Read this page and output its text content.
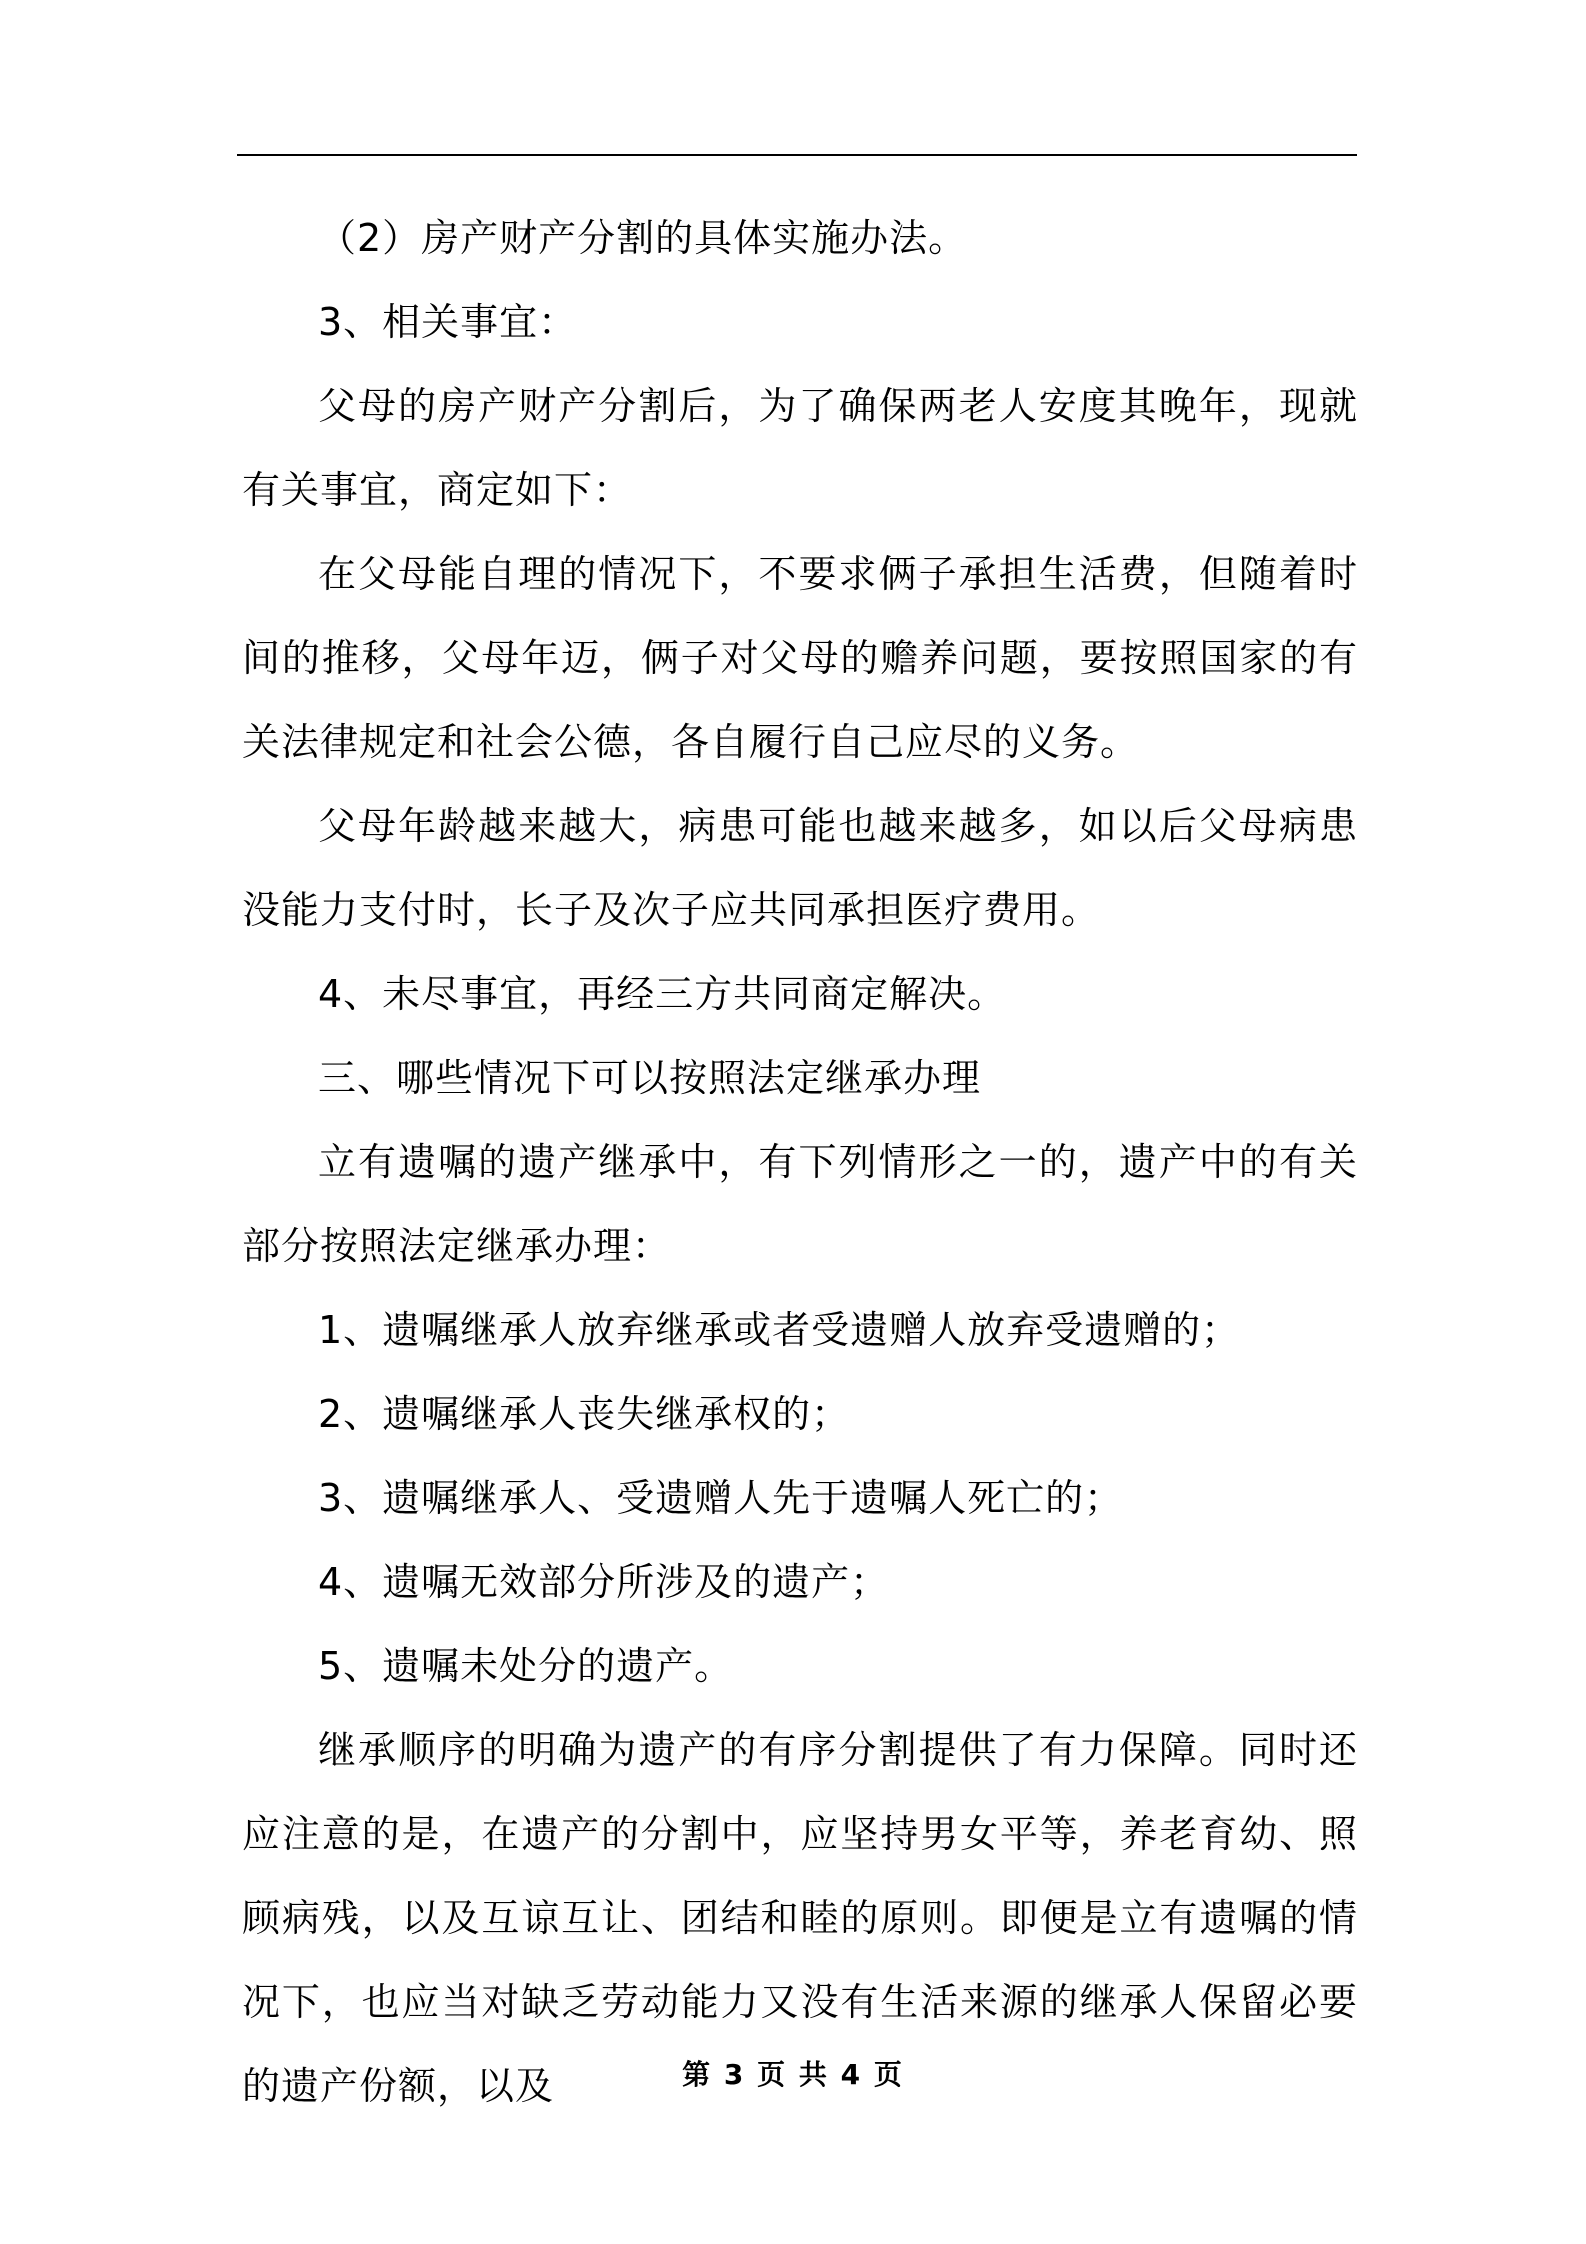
（2）房产财产分割的具体实施办法。

3、相关事宜：

父母的房产财产分割后，为了确保两老人安度其晚年，现就有关事宜，商定如下：

在父母能自理的情况下，不要求俩子承担生活费，但随着时间的推移，父母年迈，俩子对父母的赡养问题，要按照国家的有关法律规定和社会公德，各自履行自己应尽的义务。

父母年龄越来越大，病患可能也越来越多，如以后父母病患没能力支付时，长子及次子应共同承担医疗费用。

4、未尽事宜，再经三方共同商定解决。

三、哪些情况下可以按照法定继承办理

立有遗嘱的遗产继承中，有下列情形之一的，遗产中的有关部分按照法定继承办理：

1、遗嘱继承人放弃继承或者受遗赠人放弃受遗赠的；

2、遗嘱继承人丧失继承权的；

3、遗嘱继承人、受遗赠人先于遗嘱人死亡的；

4、遗嘱无效部分所涉及的遗产；

5、遗嘱未处分的遗产。

继承顺序的明确为遗产的有序分割提供了有力保障。同时还应注意的是，在遗产的分割中，应坚持男女平等，养老育幼、照顾病残，以及互谅互让、团结和睦的原则。即便是立有遗嘱的情况下，也应当对缺乏劳动能力又没有生活来源的继承人保留必要的遗产份额，以及	第 3 页 共 4 页
